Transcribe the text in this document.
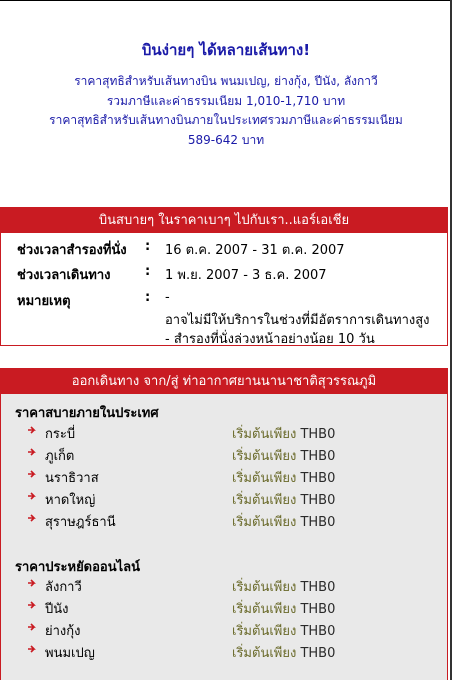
บินง่ายๆ ได้หลายเส้นทาง!
ราคาสุทธิสำหรับเส้นทางบิน พนมเปญ, ย่างกุ้ง, ปีนัง, ลังกาวี
รวมภาษีและค่าธรรมเนียม 1,010-1,710 บาท
ราคาสุทธิสำหรับเส้นทางบินภายในประเทศรวมภาษีและค่าธรรมเนียม
589-642 บาท
บินสบายๆ ในราคาเบาๆ ไปกับเรา..แอร์เอเชีย
ช่วงเวลาสำรองที่นั่ง : 16 ต.ค. 2007 - 31 ต.ค. 2007
ช่วงเวลาเดินทาง	: 1 พ.ย. 2007 - 3 ธ.ค. 2007
หมายเหตุ	: -
อาจไม่มีให้บริการในช่วงที่มีอัตราการเดินทางสูง
- สำรองที่นั่งล่วงหน้าอย่างน้อย 10 วัน
ออกเดินทาง จาก/สู่ ท่าอากาศยานนานาชาติสุวรรณภูมิ
ราคาสบายภายในประเทศ
กระบี่	เริ่มต้นเพียง THB0
ภูเก็ต	เริ่มต้นเพียง THB0
นราธิวาส	เริ่มต้นเพียง THB0
หาดใหญ่	เริ่มต้นเพียง THB0
สุราษฎร์ธานี	เริ่มต้นเพียง THB0
ราคาประหยัดออนไลน์
ลังกาวี	เริ่มต้นเพียง THB0
ปีนัง	เริ่มต้นเพียง THB0
ย่างกุ้ง	เริ่มต้นเพียง THB0
พนมเปญ	เริ่มต้นเพียง THB0
